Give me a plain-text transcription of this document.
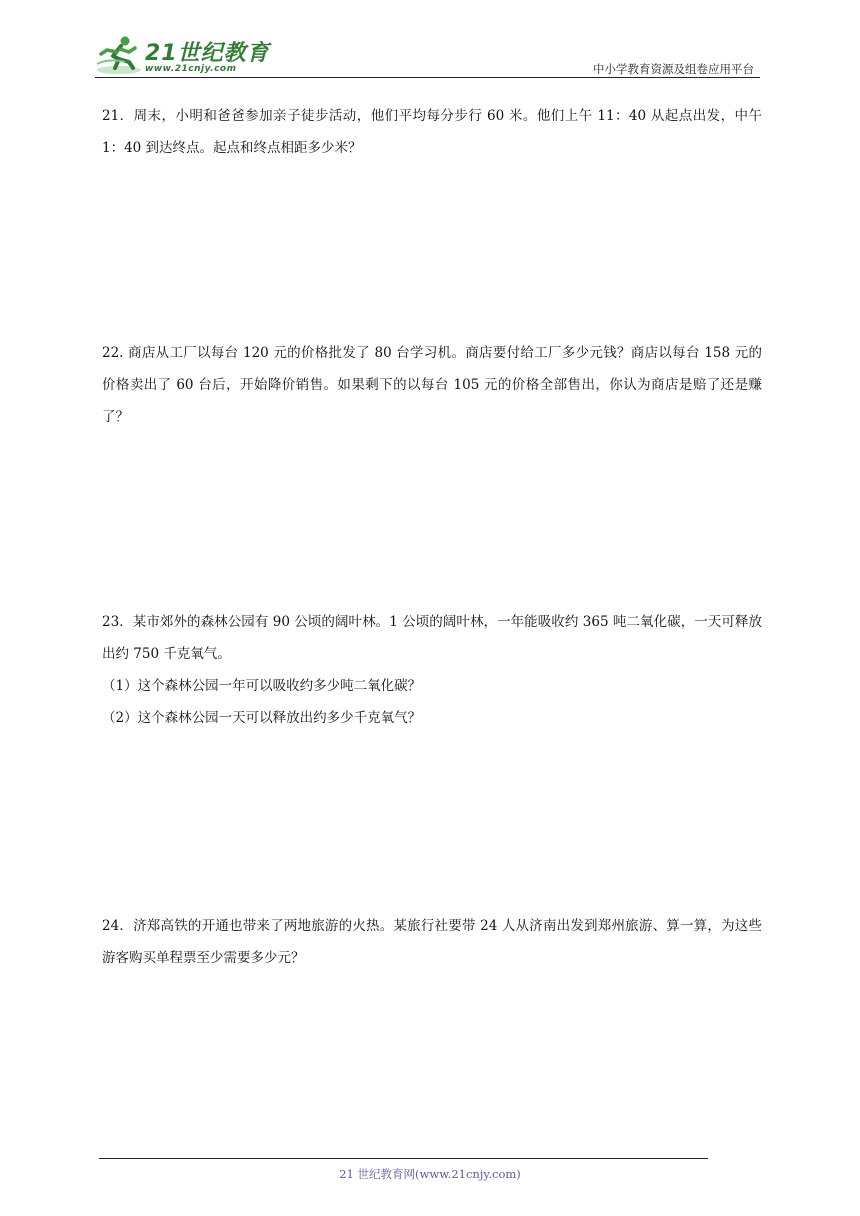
21世纪教育
www.21cnjy.com	中小学教育资源及组卷应用平台

21．周末，小明和爸爸参加亲子徒步活动，他们平均每分步行 60 米。他们上午 11：40 从起点出发，中午 1：40 到达终点。起点和终点相距多少米？

22. 商店从工厂以每台 120 元的价格批发了 80 台学习机。商店要付给工厂多少元钱？商店以每台 158 元的价格卖出了 60 台后，开始降价销售。如果剩下的以每台 105 元的价格全部售出，你认为商店是赔了还是赚了？

23．某市郊外的森林公园有 90 公顷的阔叶林。1 公顷的阔叶林，一年能吸收约 365 吨二氧化碳，一天可释放出约 750 千克氧气。

（1）这个森林公园一年可以吸收约多少吨二氧化碳？

（2）这个森林公园一天可以释放出约多少千克氧气？

24．济郑高铁的开通也带来了两地旅游的火热。某旅行社要带 24 人从济南出发到郑州旅游、算一算，为这些游客购买单程票至少需要多少元？

21 世纪教育网(www.21cnjy.com)
